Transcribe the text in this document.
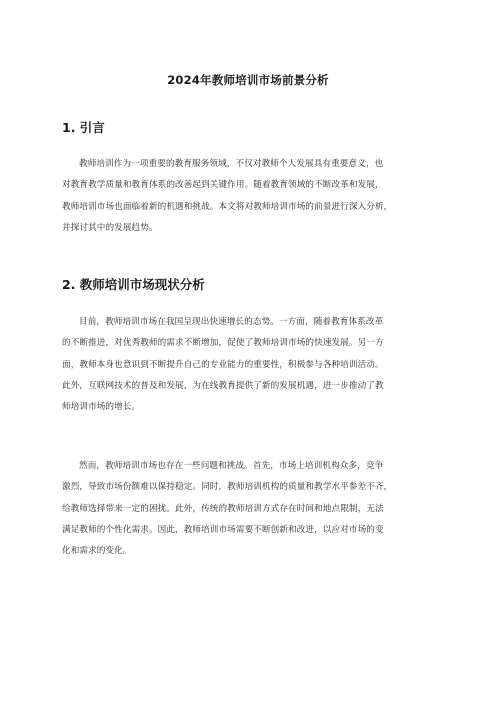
2024年教师培训市场前景分析
1. 引言
教师培训作为一项重要的教育服务领域，不仅对教师个人发展具有重要意义，也
对教育教学质量和教育体系的改善起到关键作用。随着教育领域的不断改革和发展，
教师培训市场也面临着新的机遇和挑战。本文将对教师培训市场的前景进行深入分析，
并探讨其中的发展趋势。
2. 教师培训市场现状分析
目前，教师培训市场在我国呈现出快速增长的态势。一方面，随着教育体系改革
的不断推进，对优秀教师的需求不断增加，促使了教师培训市场的快速发展。另一方
面，教师本身也意识到不断提升自己的专业能力的重要性，积极参与各种培训活动。
此外，互联网技术的普及和发展，为在线教育提供了新的发展机遇，进一步推动了教
师培训市场的增长。
然而，教师培训市场也存在一些问题和挑战。首先，市场上培训机构众多，竞争
激烈，导致市场份额难以保持稳定。同时，教师培训机构的质量和教学水平参差不齐，
给教师选择带来一定的困扰。此外，传统的教师培训方式存在时间和地点限制，无法
满足教师的个性化需求。因此，教师培训市场需要不断创新和改进，以应对市场的变
化和需求的变化。
